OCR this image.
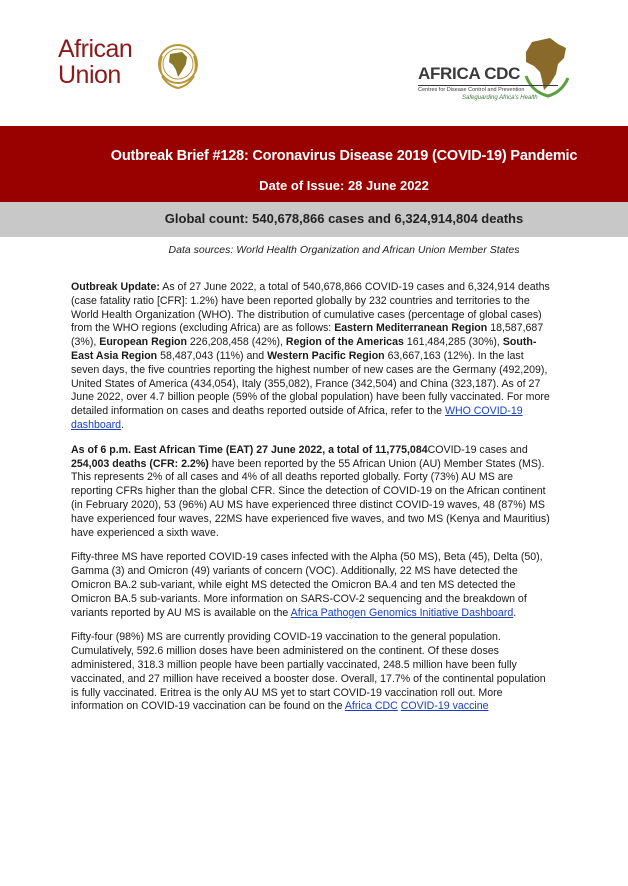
African
Union	AFRICA CDC
Centres for Disease Control and Prevention
Safeguarding Africa's Health
Outbreak Brief #128: Coronavirus Disease 2019 (COVID-19) Pandemic
Date of Issue: 28 June 2022
Global count: 540,678,866 cases and 6,324,914,804 deaths
Data sources: World Health Organization and African Union Member States

Outbreak Update: As of 27 June 2022, a total of 540,678,866 COVID-19 cases and 6,324,914 deaths (case fatality ratio [CFR]: 1.2%) have been reported globally by 232 countries and territories to the World Health Organization (WHO). The distribution of cumulative cases (percentage of global cases) from the WHO regions (excluding Africa) are as follows: Eastern Mediterranean Region 18,587,687 (3%), European Region 226,208,458 (42%), Region of the Americas 161,484,285 (30%), South-East Asia Region 58,487,043 (11%) and Western Pacific Region 63,667,163 (12%). In the last seven days, the five countries reporting the highest number of new cases are the Germany (492,209), United States of America (434,054), Italy (355,082), France (342,504) and China (323,187). As of 27 June 2022, over 4.7 billion people (59% of the global population) have been fully vaccinated. For more detailed information on cases and deaths reported outside of Africa, refer to the WHO COVID-19 dashboard.

As of 6 p.m. East African Time (EAT) 27 June 2022, a total of 11,775,084COVID-19 cases and 254,003 deaths (CFR: 2.2%) have been reported by the 55 African Union (AU) Member States (MS). This represents 2% of all cases and 4% of all deaths reported globally. Forty (73%) AU MS are reporting CFRs higher than the global CFR. Since the detection of COVID-19 on the African continent (in February 2020), 53 (96%) AU MS have experienced three distinct COVID-19 waves, 48 (87%) MS have experienced four waves, 22MS have experienced five waves, and two MS (Kenya and Mauritius) have experienced a sixth wave.

Fifty-three MS have reported COVID-19 cases infected with the Alpha (50 MS), Beta (45), Delta (50), Gamma (3) and Omicron (49) variants of concern (VOC). Additionally, 22 MS have detected the Omicron BA.2 sub-variant, while eight MS detected the Omicron BA.4 and ten MS detected the Omicron BA.5 sub-variants. More information on SARS-COV-2 sequencing and the breakdown of variants reported by AU MS is available on the Africa Pathogen Genomics Initiative Dashboard.

Fifty-four (98%) MS are currently providing COVID-19 vaccination to the general population. Cumulatively, 592.6 million doses have been administered on the continent. Of these doses administered, 318.3 million people have been partially vaccinated, 248.5 million have been fully vaccinated, and 27 million have received a booster dose. Overall, 17.7% of the continental population is fully vaccinated. Eritrea is the only AU MS yet to start COVID-19 vaccination roll out. More information on COVID-19 vaccination can be found on the Africa CDC COVID-19 vaccine
